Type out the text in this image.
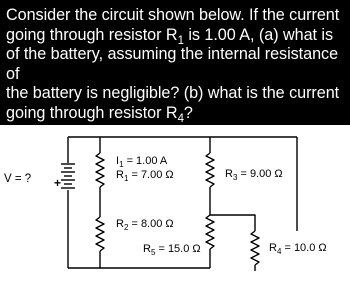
Consider the circuit shown below. If the current
going through resistor $R_1$ is 1.00 A, (a) what is
of the battery, assuming the internal resistance of
the battery is negligible? (b) what is the current
going through resistor $R_4$?
V = ? +
$I_1 = 1.00$ A
$R_1 = 7.00$ Ω
$R_2 = 8.00$ Ω
$R_3 = 9.00$ Ω
$R_5 = 15.0$ Ω	$R_4 = 10.0$ Ω
